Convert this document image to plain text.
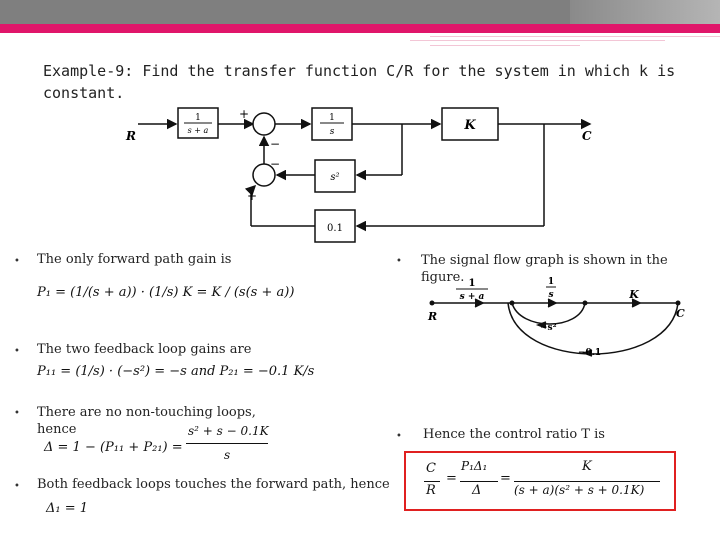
Example-9: Find the transfer function C/R for the system in which k is constant.
R	C
1
s + a
1
s	K
s²
0.1
+
−
−
+
• The only forward path gain is
P₁ = (1/(s + a)) · (1/s) K = K / (s(s + a))
• The two feedback loop gains are
P₁₁ = (1/s) · (−s²) = −s and P₂₁ = −0.1 K/s
• There are no non-touching loops, hence
Δ = 1 − (P₁₁ + P₂₁) =
s² + s − 0.1K
s
• Both feedback loops touches the forward path, hence
Δ₁ = 1
• The signal flow graph is shown in the figure. 1
s + a
1
s	K
R	C
−s²
−0.1
• Hence the control ratio T is
C
R
=
P₁Δ₁
Δ
=
K
(s + a)(s² + s + 0.1K)
